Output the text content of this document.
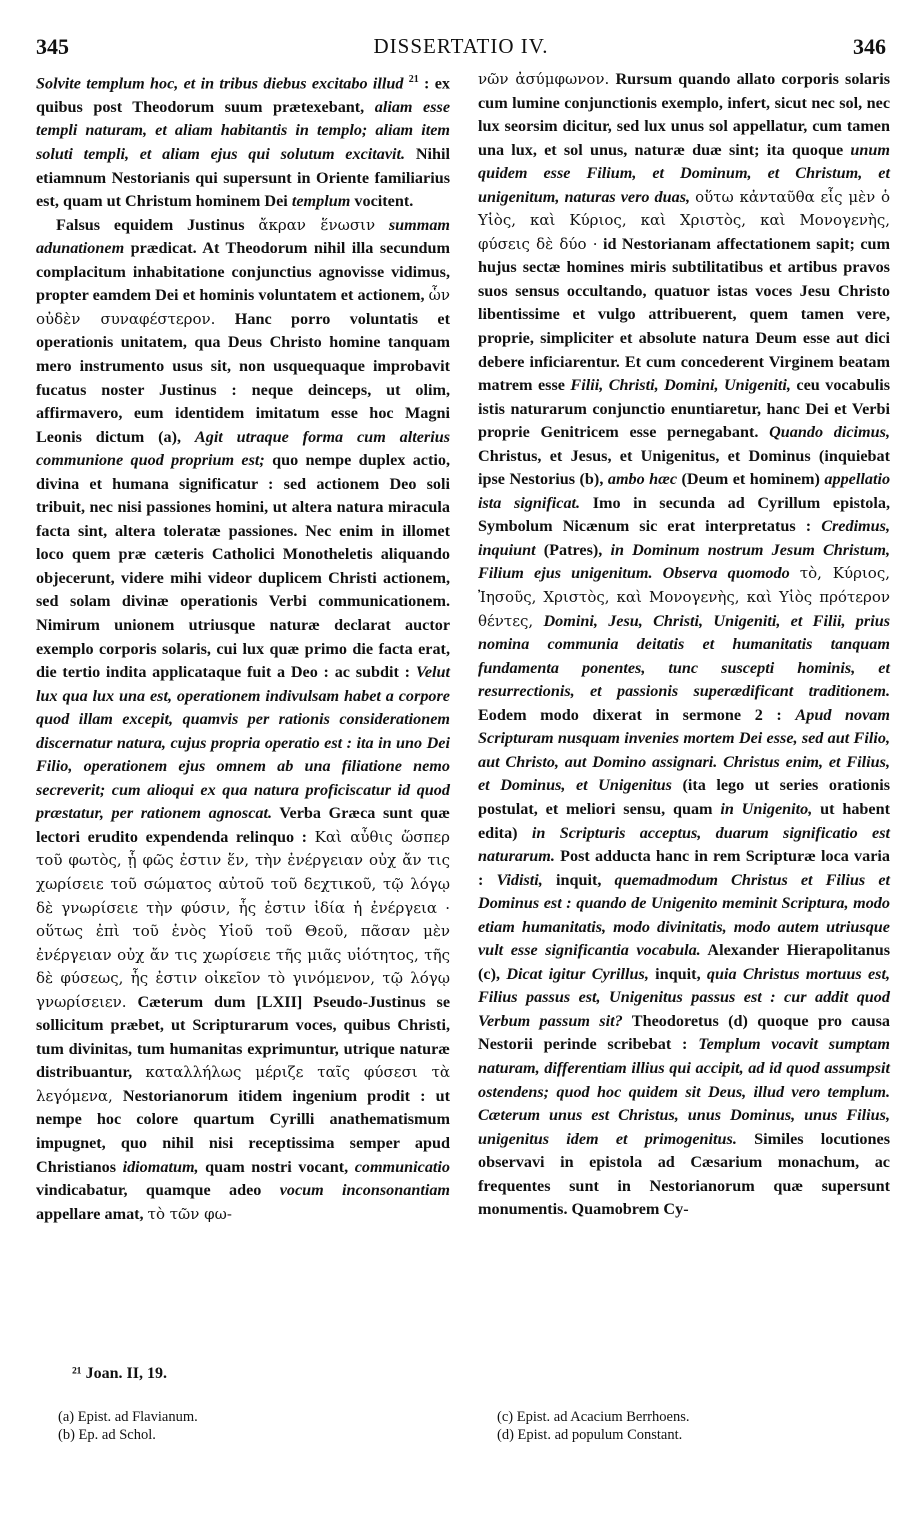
345	DISSERTATIO IV.	346

Solvite templum hoc, et in tribus diebus excitabo illud $^{21}$ : ex quibus post Theodorum suum prætexebant, aliam esse templi naturam, et aliam habitantis in templo; aliam item soluti templi, et aliam ejus qui solutum excitavit. Nihil etiamnum Nestorianis qui supersunt in Oriente familiarius est, quam ut Christum hominem Dei templum vocitent.

Falsus equidem Justinus ἄκραν ἕνωσιν summam adunationem prædicat. At Theodorum nihil illa secundum complacitum inhabitatione conjunctius agnovisse vidimus, propter eamdem Dei et hominis voluntatem et actionem, ὧν οὐδὲν συναφέστερον. Hanc porro voluntatis et operationis unitatem, qua Deus Christo homine tanquam mero instrumento usus sit, non usquequaque improbavit fucatus noster Justinus : neque deinceps, ut olim, affirmavero, eum identidem imitatum esse hoc Magni Leonis dictum (a), Agit utraque forma cum alterius communione quod proprium est; quo nempe duplex actio, divina et humana significatur : sed actionem Deo soli tribuit, nec nisi passiones homini, ut altera natura miracula facta sint, altera toleratæ passiones. Nec enim in illomet loco quem præ cæteris Catholici Monotheletis aliquando objecerunt, videre mihi videor duplicem Christi actionem, sed solam divinæ operationis Verbi communicationem. Nimirum unionem utriusque naturæ declarat auctor exemplo corporis solaris, cui lux quæ primo die facta erat, die tertio indita applicataque fuit a Deo : ac subdit : Velut lux qua lux una est, operationem indivulsam habet a corpore quod illam excepit, quamvis per rationis considerationem discernatur natura, cujus propria operatio est : ita in uno Dei Filio, operationem ejus omnem ab una filiatione nemo secreverit; cum alioqui ex qua natura proficiscatur id quod præstatur, per rationem agnoscat. Verba Græca sunt quæ lectori erudito expendenda relinquo : Καὶ αὖθις ὥσπερ τοῦ φωτὸς, ᾗ φῶς ἐστιν ἕν, τὴν ἐνέργειαν οὐχ ἄν τις χωρίσειε τοῦ σώματος αὐτοῦ τοῦ δεχτικοῦ, τῷ λόγῳ δὲ γνωρίσειε τὴν φύσιν, ἧς ἐστιν ἰδία ἡ ἐνέργεια · οὕτως ἐπὶ τοῦ ἑνὸς Υἱοῦ τοῦ Θεοῦ, πᾶσαν μὲν ἐνέργειαν οὐχ ἄν τις χωρίσειε τῆς μιᾶς υἱότητος, τῆς δὲ φύσεως, ἧς ἐστιν οἰκεῖον τὸ γινόμενον, τῷ λόγῳ γνωρίσειεν. Cæterum dum [LXII] Pseudo-Justinus se sollicitum præbet, ut Scripturarum voces, quibus Christi, tum divinitas, tum humanitas exprimuntur, utrique naturæ distribuantur, καταλλήλως μέριζε ταῖς φύσεσι τὰ λεγόμενα, Nestorianorum itidem ingenium prodit : ut nempe hoc colore quartum Cyrilli anathematismum impugnet, quo nihil nisi receptissima semper apud Christianos idiomatum, quam nostri vocant, communicatio vindicabatur, quamque adeo vocum inconsonantiam appellare amat, τὸ τῶν φω-

νῶν ἀσύμφωνον. Rursum quando allato corporis solaris cum lumine conjunctionis exemplo, infert, sicut nec sol, nec lux seorsim dicitur, sed lux unus sol appellatur, cum tamen una lux, et sol unus, naturæ duæ sint; ita quoque unum quidem esse Filium, et Dominum, et Christum, et unigenitum, naturas vero duas, οὕτω κἀνταῦθα εἷς μὲν ὁ Υἱὸς, καὶ Κύριος, καὶ Χριστὸς, καὶ Μονογενὴς, φύσεις δὲ δύο · id Nestorianam affectationem sapit; cum hujus sectæ homines miris subtilitatibus et artibus pravos suos sensus occultando, quatuor istas voces Jesu Christo libentissime et vulgo attribuerent, quem tamen vere, proprie, simpliciter et absolute natura Deum esse aut dici debere inficiarentur. Et cum concederent Virginem beatam matrem esse Filii, Christi, Domini, Unigeniti, ceu vocabulis istis naturarum conjunctio enuntiaretur, hanc Dei et Verbi proprie Genitricem esse pernegabant. Quando dicimus, Christus, et Jesus, et Unigenitus, et Dominus (inquiebat ipse Nestorius (b), ambo hæc (Deum et hominem) appellatio ista significat. Imo in secunda ad Cyrillum epistola, Symbolum Nicænum sic erat interpretatus : Credimus, inquiunt (Patres), in Dominum nostrum Jesum Christum, Filium ejus unigenitum. Observa quomodo τὸ, Κύριος, Ἰησοῦς, Χριστὸς, καὶ Μονογενὴς, καὶ Υἱὸς πρότερον θέντες, Domini, Jesu, Christi, Unigeniti, et Filii, prius nomina communia deitatis et humanitatis tanquam fundamenta ponentes, tunc suscepti hominis, et resurrectionis, et passionis superædificant traditionem. Eodem modo dixerat in sermone 2 : Apud novam Scripturam nusquam invenies mortem Dei esse, sed aut Filio, aut Christo, aut Domino assignari. Christus enim, et Filius, et Dominus, et Unigenitus (ita lego ut series orationis postulat, et meliori sensu, quam in Unigenito, ut habent edita) in Scripturis acceptus, duarum significatio est naturarum. Post adducta hanc in rem Scripturæ loca varia : Vidisti, inquit, quemadmodum Christus et Filius et Dominus est : quando de Unigenito meminit Scriptura, modo etiam humanitatis, modo divinitatis, modo autem utriusque vult esse significantia vocabula. Alexander Hierapolitanus (c), Dicat igitur Cyrillus, inquit, quia Christus mortuus est, Filius passus est, Unigenitus passus est : cur addit quod Verbum passum sit? Theodoretus (d) quoque pro causa Nestorii perinde scribebat : Templum vocavit sumptam naturam, differentiam illius qui accipit, ad id quod assumpsit ostendens; quod hoc quidem sit Deus, illud vero templum. Cæterum unus est Christus, unus Dominus, unus Filius, unigenitus idem et primogenitus. Similes locutiones observavi in epistola ad Cæsarium monachum, ac frequentes sunt in Nestorianorum quæ supersunt monumentis. Quamobrem Cy-

²¹ Joan. II, 19.
(a) Epist. ad Flavianum.
(b) Ep. ad Schol.
(c) Epist. ad Acacium Berrhoens.
(d) Epist. ad populum Constant.
